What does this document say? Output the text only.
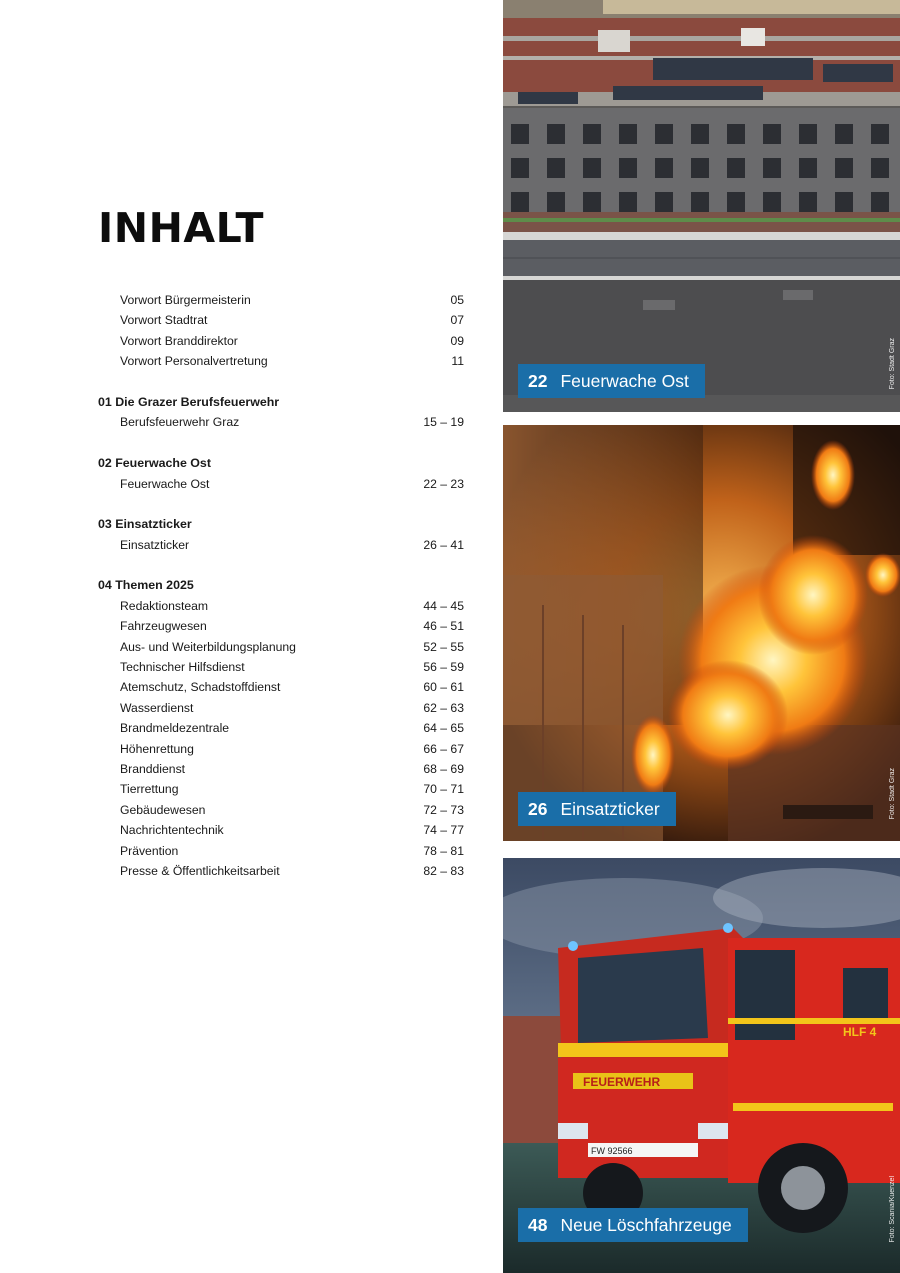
INHALT
Vorwort Bürgermeisterin	05
Vorwort Stadtrat	07
Vorwort Branddirektor	09
Vorwort Personalvertretung	11
01 Die Grazer Berufsfeuerwehr
Berufsfeuerwehr Graz	15 – 19
02 Feuerwache Ost
Feuerwache Ost	22 – 23
03 Einsatzticker
Einsatzticker	26 – 41
04 Themen 2025
Redaktionsteam	44 – 45
Fahrzeugwesen	46 – 51
Aus- und Weiterbildungsplanung	52 – 55
Technischer Hilfsdienst	56 – 59
Atemschutz, Schadstoffdienst	60 – 61
Wasserdienst	62 – 63
Brandmeldezentrale	64 – 65
Höhenrettung	66 – 67
Branddienst	68 – 69
Tierrettung	70 – 71
Gebäudewesen	72 – 73
Nachrichtentechnik	74 – 77
Prävention	78 – 81
Presse & Öffentlichkeitsarbeit	82 – 83
22 Feuerwache Ost	Foto: Stadt Graz
26 Einsatzticker	Foto: Stadt Graz
FEUERWEHR
FW 92566
HLF 4
48 Neue Löschfahrzeuge	Foto: Scania/Kuenzel
